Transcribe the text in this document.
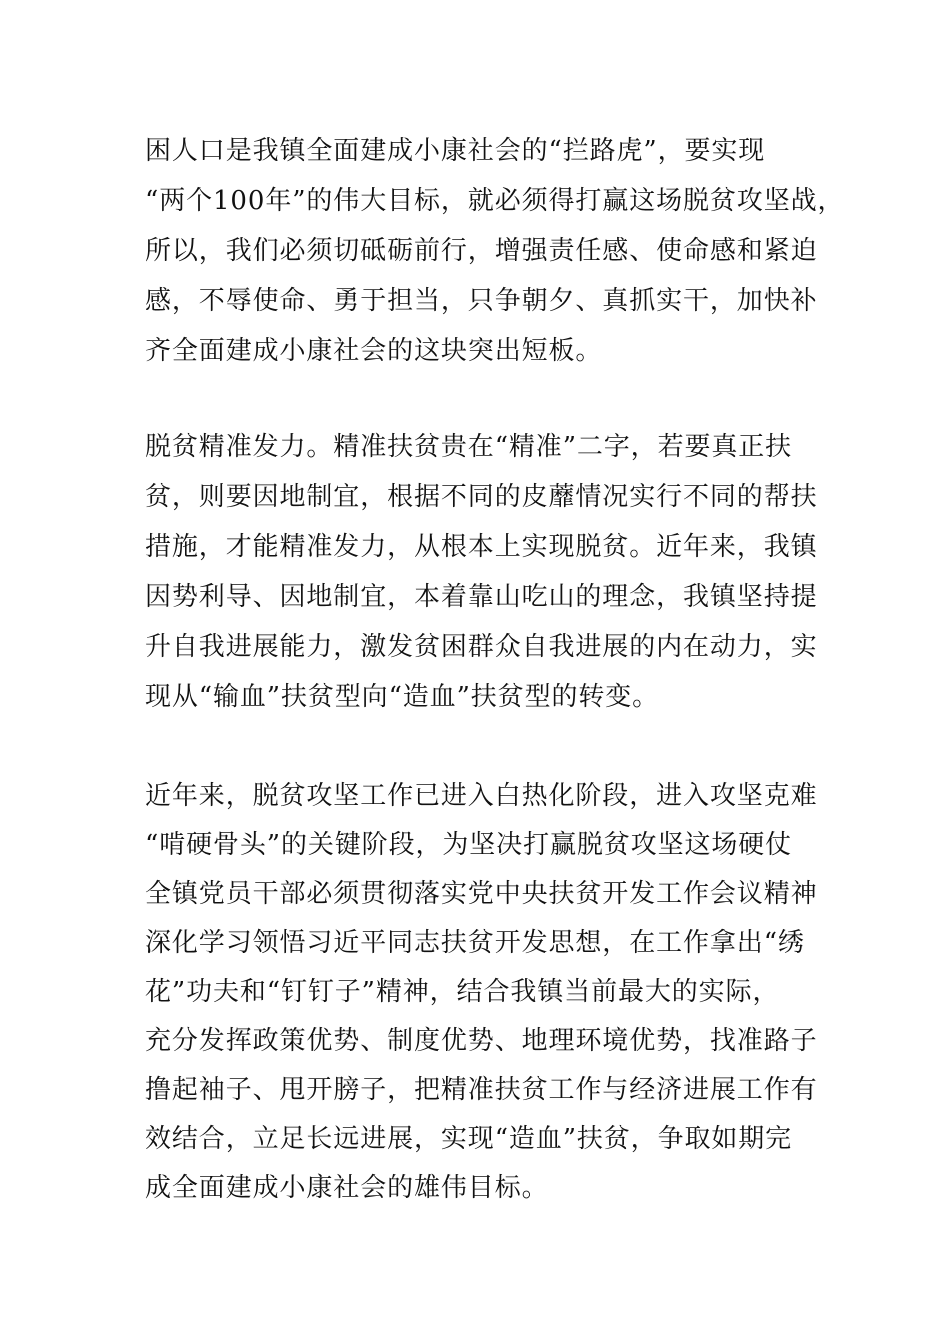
困人口是我镇全面建成小康社会的“拦路虎”，要实现
“两个100年”的伟大目标，就必须得打赢这场脱贫攻坚战，
所以，我们必须切砥砺前行，增强责任感、使命感和紧迫
感，不辱使命、勇于担当，只争朝夕、真抓实干，加快补
齐全面建成小康社会的这块突出短板。
脱贫精准发力。精准扶贫贵在“精准”二字，若要真正扶
贫，则要因地制宜，根据不同的皮蘼情况实行不同的帮扶
措施，才能精准发力，从根本上实现脱贫。近年来，我镇
因势利导、因地制宜，本着靠山吃山的理念，我镇坚持提
升自我进展能力，激发贫困群众自我进展的内在动力，实
现从“输血”扶贫型向“造血”扶贫型的转变。
近年来，脱贫攻坚工作已进入白热化阶段，进入攻坚克难
“啃硬骨头”的关键阶段，为坚决打赢脱贫攻坚这场硬仗
全镇党员干部必须贯彻落实党中央扶贫开发工作会议精神
深化学习领悟习近平同志扶贫开发思想，在工作拿出“绣
花”功夫和“钉钉子”精神，结合我镇当前最大的实际，
充分发挥政策优势、制度优势、地理环境优势，找准路子
撸起袖子、甩开膀子，把精准扶贫工作与经济进展工作有
效结合，立足长远进展，实现“造血”扶贫，争取如期完
成全面建成小康社会的雄伟目标。
